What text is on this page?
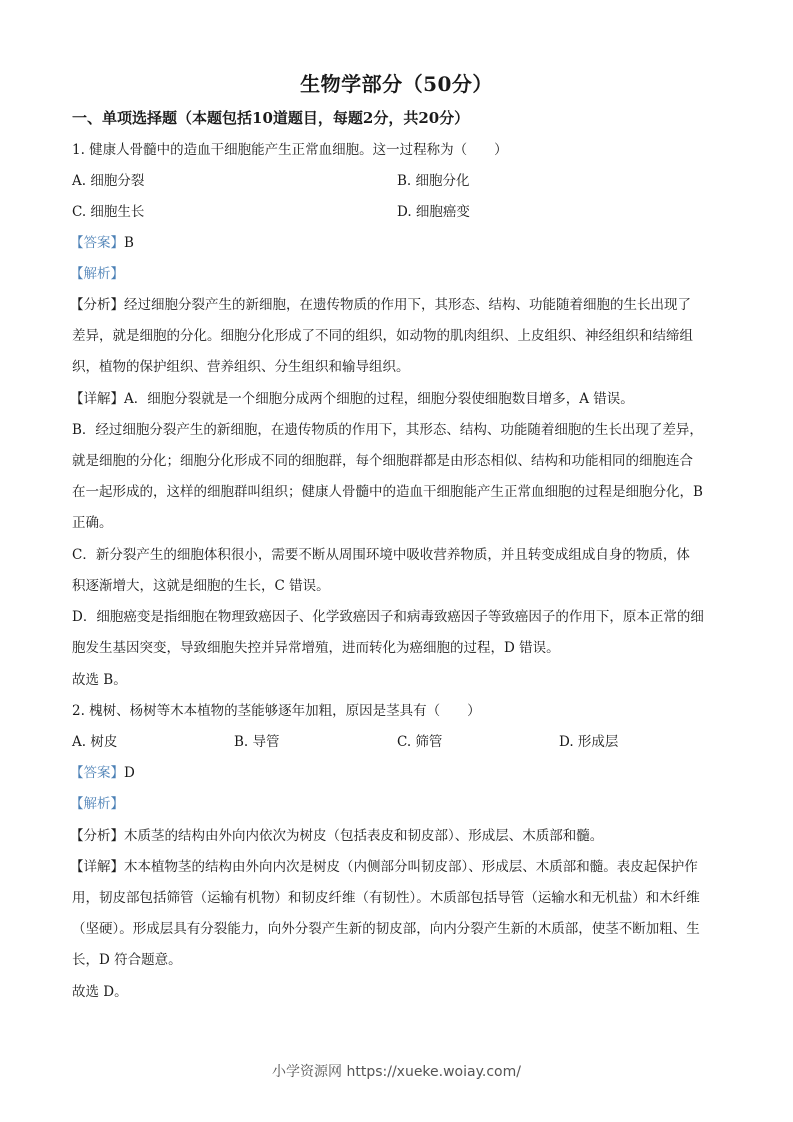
生物学部分（50分）
一、单项选择题（本题包括10道题目，每题2分，共20分）
1. 健康人骨髓中的造血干细胞能产生正常血细胞。这一过程称为（　　）
A. 细胞分裂	B. 细胞分化
C. 细胞生长	D. 细胞癌变
【答案】B
【解析】
【分析】经过细胞分裂产生的新细胞，在遗传物质的作用下，其形态、结构、功能随着细胞的生长出现了
差异，就是细胞的分化。细胞分化形成了不同的组织，如动物的肌肉组织、上皮组织、神经组织和结缔组
织，植物的保护组织、营养组织、分生组织和输导组织。
【详解】A．细胞分裂就是一个细胞分成两个细胞的过程，细胞分裂使细胞数目增多，A 错误。
B．经过细胞分裂产生的新细胞，在遗传物质的作用下，其形态、结构、功能随着细胞的生长出现了差异，
就是细胞的分化；细胞分化形成不同的细胞群，每个细胞群都是由形态相似、结构和功能相同的细胞连合
在一起形成的，这样的细胞群叫组织；健康人骨髓中的造血干细胞能产生正常血细胞的过程是细胞分化，B
正确。
C．新分裂产生的细胞体积很小，需要不断从周围环境中吸收营养物质，并且转变成组成自身的物质，体
积逐渐增大，这就是细胞的生长，C 错误。
D．细胞癌变是指细胞在物理致癌因子、化学致癌因子和病毒致癌因子等致癌因子的作用下，原本正常的细
胞发生基因突变，导致细胞失控并异常增殖，进而转化为癌细胞的过程，D 错误。
故选 B。
2. 槐树、杨树等木本植物的茎能够逐年加粗，原因是茎具有（　　）
A. 树皮	B. 导管	C. 筛管	D. 形成层
【答案】D
【解析】
【分析】木质茎的结构由外向内依次为树皮（包括表皮和韧皮部）、形成层、木质部和髓。
【详解】木本植物茎的结构由外向内次是树皮（内侧部分叫韧皮部）、形成层、木质部和髓。表皮起保护作
用，韧皮部包括筛管（运输有机物）和韧皮纤维（有韧性）。木质部包括导管（运输水和无机盐）和木纤维
（坚硬）。形成层具有分裂能力，向外分裂产生新的韧皮部，向内分裂产生新的木质部，使茎不断加粗、生
长，D 符合题意。
故选 D。
小学资源网 https://xueke.woiay.com/
